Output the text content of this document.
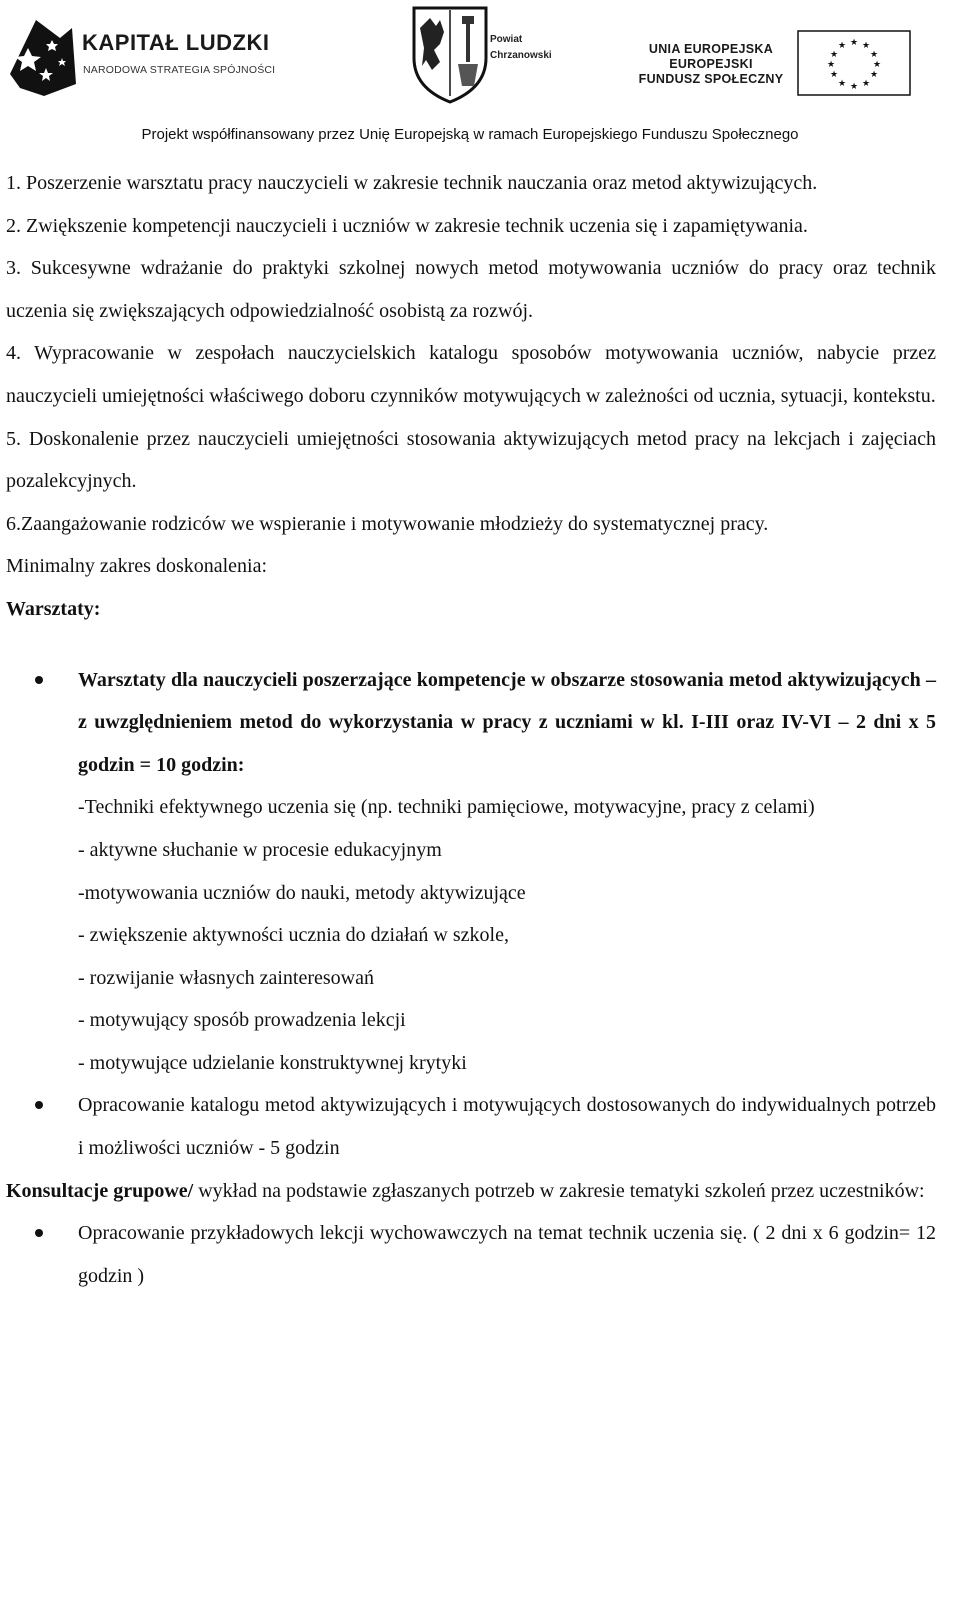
KAPITAŁ LUDZKI
NARODOWA STRATEGIA SPÓJNOŚCI
Powiat
Chrzanowski	UNIA EUROPEJSKA
EUROPEJSKI
FUNDUSZ SPOŁECZNY
★ ★
★
★
★
★
★
★
★
★
★
★
Projekt współfinansowany przez Unię Europejską w ramach Europejskiego Funduszu Społecznego

1. Poszerzenie warsztatu pracy nauczycieli w zakresie technik nauczania oraz metod aktywizujących.

2. Zwiększenie kompetencji nauczycieli i uczniów w zakresie technik uczenia się i zapamiętywania.

3. Sukcesywne wdrażanie do praktyki szkolnej nowych metod motywowania uczniów do pracy oraz technik uczenia się zwiększających odpowiedzialność osobistą za rozwój.

4. Wypracowanie w zespołach nauczycielskich katalogu sposobów motywowania uczniów, nabycie przez nauczycieli umiejętności właściwego doboru czynników motywujących w zależności od ucznia, sytuacji, kontekstu.

5. Doskonalenie przez nauczycieli umiejętności stosowania aktywizujących metod pracy na lekcjach i zajęciach pozalekcyjnych.

6.Zaangażowanie rodziców we wspieranie i motywowanie młodzieży do systematycznej pracy.

Minimalny zakres doskonalenia:

Warsztaty:

Warsztaty dla nauczycieli poszerzające kompetencje w obszarze stosowania metod aktywizujących – z uwzględnieniem metod do wykorzystania w pracy z uczniami w kl. I-III oraz IV-VI – 2 dni x 5 godzin = 10 godzin:
-Techniki efektywnego uczenia się (np. techniki pamięciowe, motywacyjne, pracy z celami)
- aktywne słuchanie w procesie edukacyjnym
-motywowania uczniów do nauki, metody aktywizujące
- zwiększenie aktywności ucznia do działań w szkole,
- rozwijanie własnych zainteresowań
- motywujący sposób prowadzenia lekcji
- motywujące udzielanie konstruktywnej krytyki
Opracowanie katalogu metod aktywizujących i motywujących dostosowanych do indywidualnych potrzeb i możliwości uczniów - 5 godzin

Konsultacje grupowe/ wykład na podstawie zgłaszanych potrzeb w zakresie tematyki szkoleń przez uczestników:

Opracowanie przykładowych lekcji wychowawczych na temat technik uczenia się. ( 2 dni x 6 godzin= 12 godzin )
